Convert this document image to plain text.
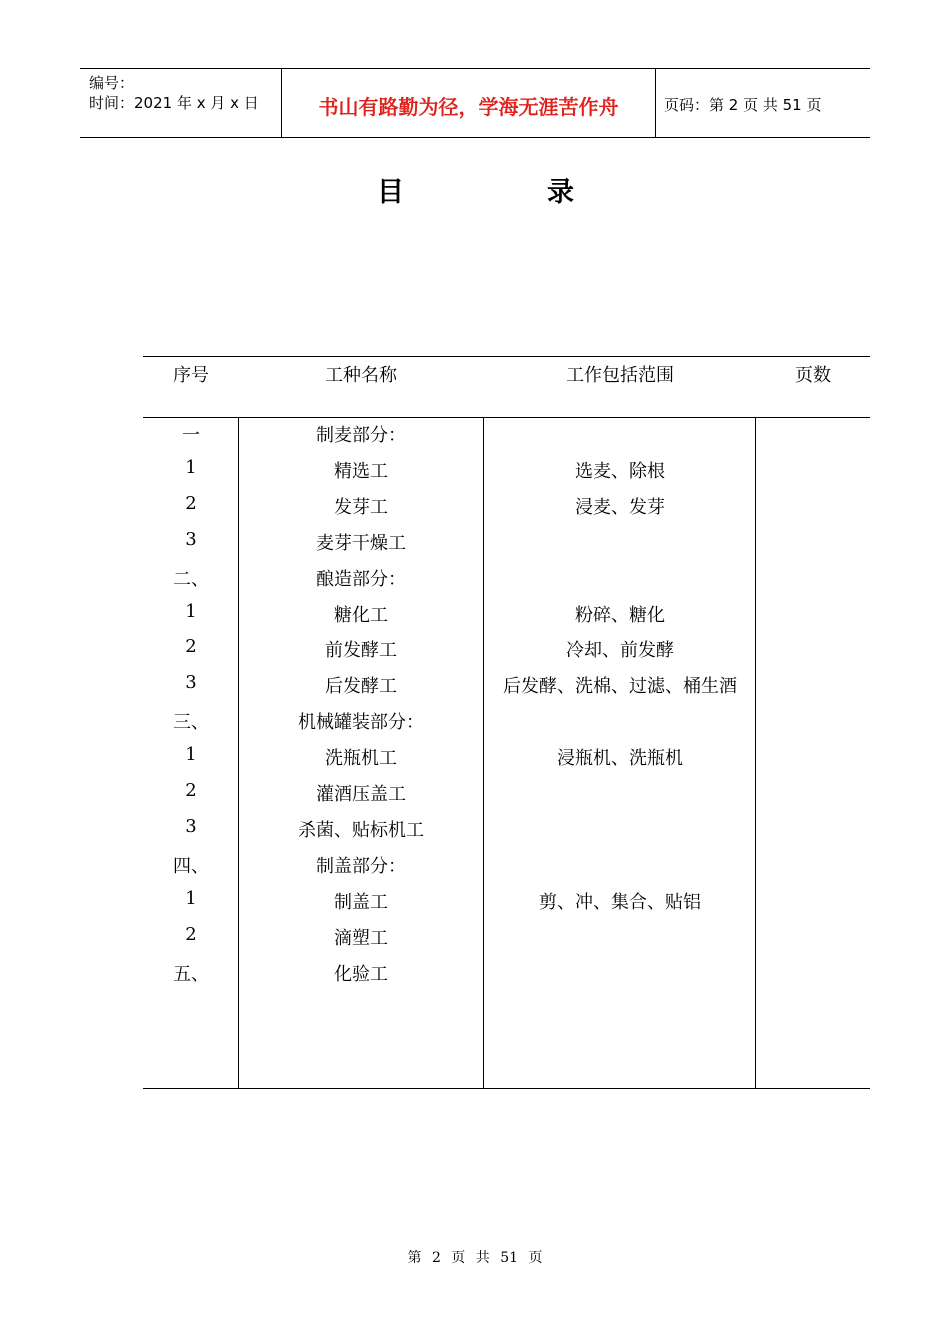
编号：
时间：2021 年 x 月 x 日	书山有路勤为径，学海无涯苦作舟	页码：第 2 页 共 51 页
目	录
序号	工种名称	工作包括范围	页数
一	制麦部分：
1	精选工	选麦、除根
2	发芽工	浸麦、发芽
3	麦芽干燥工
二、	酿造部分：
1	糖化工	粉碎、糖化
2	前发酵工	冷却、前发酵
3	后发酵工	后发酵、洗棉、过滤、桶生酒
三、	机械罐装部分：
1	洗瓶机工	浸瓶机、洗瓶机
2	灌酒压盖工
3	杀菌、贴标机工
四、	制盖部分：
1	制盖工	剪、冲、集合、贴铝
2	滴塑工
五、	化验工
第 2 页 共 51 页
